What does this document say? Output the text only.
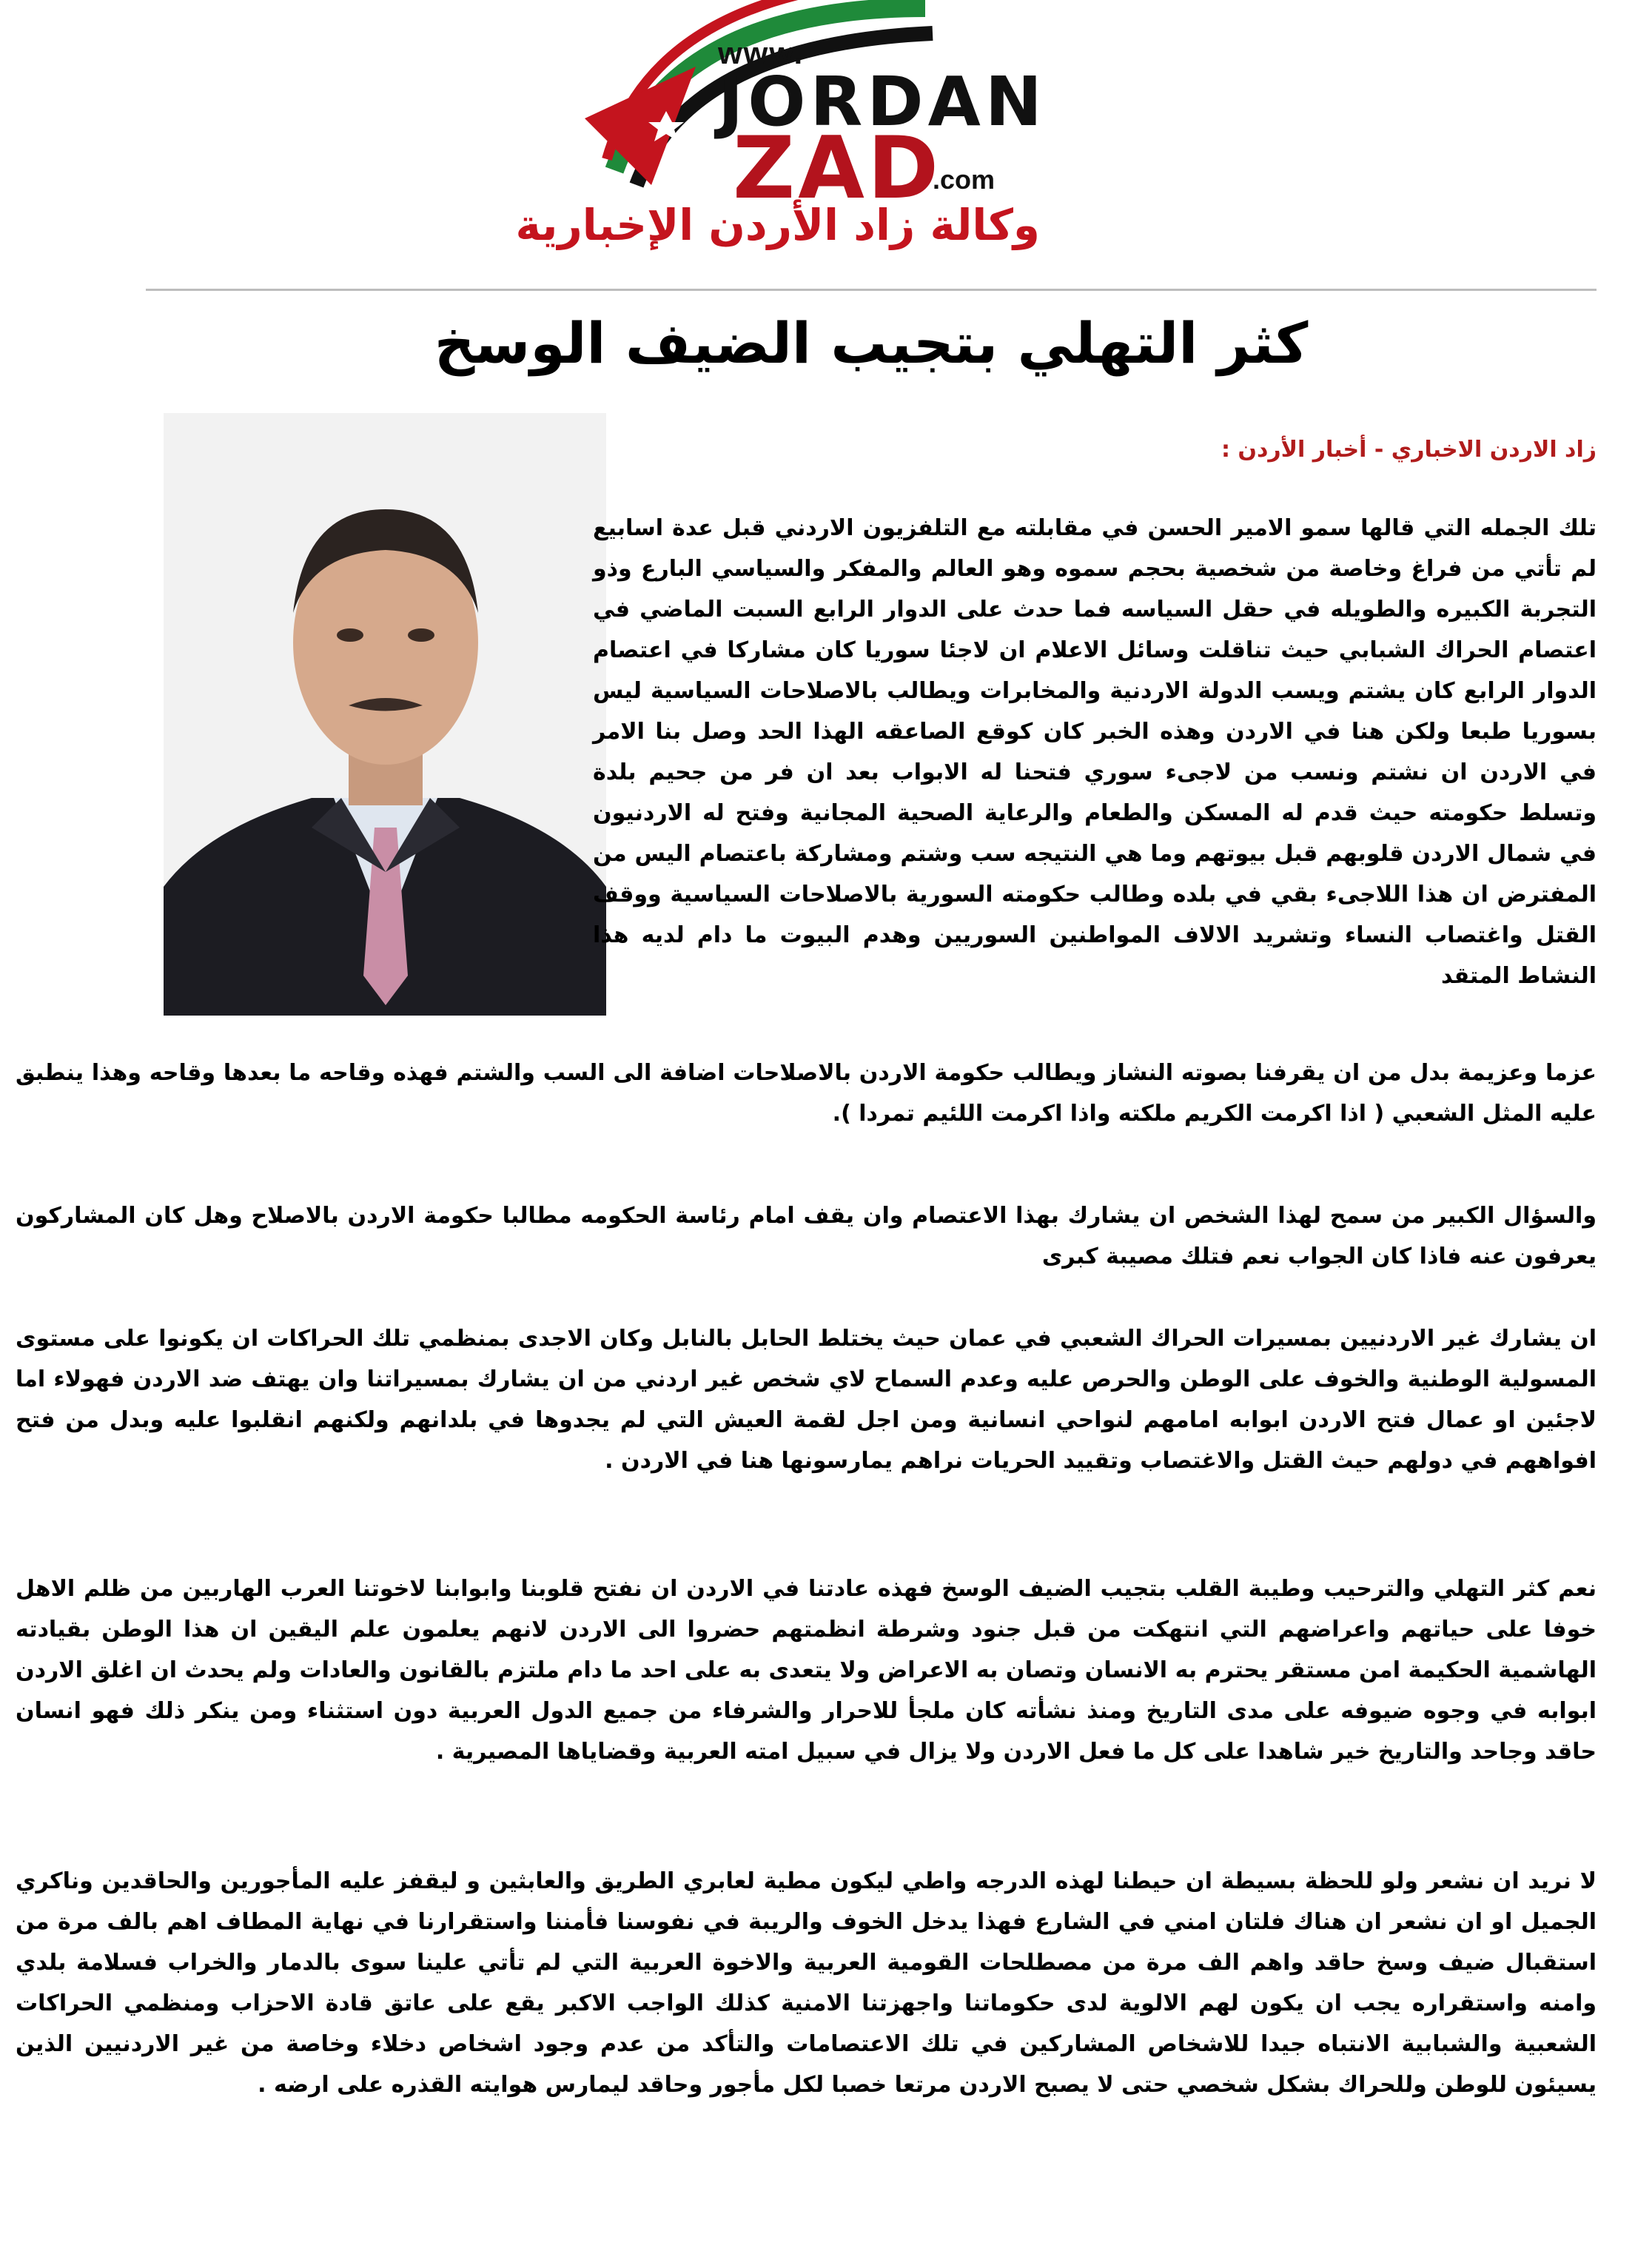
www.
JORDAN
ZAD
.com
وكالة زاد الأردن الإخبارية
كثر التهلي بتجيب الضيف الوسخ
زاد الاردن الاخباري - أخبار الأردن :

تلك الجمله التي قالها سمو الامير الحسن في مقابلته مع التلفزيون الاردني قبل عدة اسابيع لم تأتي من فراغ وخاصة من شخصية بحجم سموه وهو العالم والمفكر والسياسي البارع وذو التجربة الكبيره والطويله في حقل السياسه فما حدث على الدوار الرابع السبت الماضي في اعتصام الحراك الشبابي حيث تناقلت وسائل الاعلام ان لاجئا سوريا كان مشاركا في اعتصام الدوار الرابع كان يشتم ويسب الدولة الاردنية والمخابرات ويطالب بالاصلاحات السياسية ليس بسوريا طبعا ولكن هنا في الاردن وهذه الخبر كان كوقع الصاعقه الهذا الحد وصل بنا الامر في الاردن ان نشتم ونسب من لاجىء سوري فتحنا له الابواب بعد ان فر من جحيم بلدة وتسلط حكومته حيث قدم له المسكن والطعام والرعاية الصحية المجانية وفتح له الاردنيون في شمال الاردن قلوبهم قبل بيوتهم وما هي النتيجه سب وشتم ومشاركة باعتصام اليس من المفترض ان هذا اللاجىء بقي في بلده وطالب حكومته السورية بالاصلاحات السياسية ووقف القتل واغتصاب النساء وتشريد الالاف المواطنين السوريين وهدم البيوت ما دام لديه هذا النشاط المتقد

عزما وعزيمة بدل من ان يقرفنا بصوته النشاز ويطالب حكومة الاردن بالاصلاحات اضافة الى السب والشتم فهذه وقاحه ما بعدها وقاحه وهذا ينطبق عليه المثل الشعبي ( اذا اكرمت الكريم ملكته واذا اكرمت اللئيم تمردا ).

والسؤال الكبير من سمح لهذا الشخص ان يشارك بهذا الاعتصام وان يقف امام رئاسة الحكومه مطالبا حكومة الاردن بالاصلاح وهل كان المشاركون يعرفون عنه فاذا كان الجواب نعم فتلك مصيبة كبرى

ان يشارك غير الاردنيين بمسيرات الحراك الشعبي في عمان حيث يختلط الحابل بالنابل وكان الاجدى بمنظمي تلك الحراكات ان يكونوا على مستوى المسولية الوطنية والخوف على الوطن والحرص عليه وعدم السماح لاي شخص غير اردني من ان يشارك بمسيراتنا وان يهتف ضد الاردن فهولاء اما لاجئين او عمال فتح الاردن ابوابه امامهم لنواحي انسانية ومن اجل لقمة العيش التي لم يجدوها في بلدانهم ولكنهم انقلبوا عليه وبدل من فتح افواههم في دولهم حيث القتل والاغتصاب وتقييد الحريات نراهم يمارسونها هنا في الاردن .

نعم كثر التهلي والترحيب وطيبة القلب بتجيب الضيف الوسخ فهذه عادتنا في الاردن ان نفتح قلوبنا وابوابنا لاخوتنا العرب الهاربين من ظلم الاهل خوفا على حياتهم واعراضهم التي انتهكت من قبل جنود وشرطة انظمتهم حضروا الى الاردن لانهم يعلمون علم اليقين ان هذا الوطن بقيادته الهاشمية الحكيمة امن مستقر يحترم به الانسان وتصان به الاعراض ولا يتعدى به على احد ما دام ملتزم بالقانون والعادات ولم يحدث ان اغلق الاردن ابوابه في وجوه ضيوفه على مدى التاريخ ومنذ نشأته كان ملجأ للاحرار والشرفاء من جميع الدول العربية دون استثناء ومن ينكر ذلك فهو انسان حاقد وجاحد والتاريخ خير شاهدا على كل ما فعل الاردن ولا يزال في سبيل امته العربية وقضاياها المصيرية .

لا نريد ان نشعر ولو للحظة بسيطة ان حيطنا لهذه الدرجه واطي ليكون مطية لعابري الطريق والعابثين و ليقفز عليه المأجورين والحاقدين وناكري الجميل او ان نشعر ان هناك فلتان امني في الشارع فهذا يدخل الخوف والريبة في نفوسنا فأمننا واستقرارنا في نهاية المطاف اهم بالف مرة من استقبال ضيف وسخ حاقد واهم الف مرة من مصطلحات القومية العربية والاخوة العربية التي لم تأتي علينا سوى بالدمار والخراب فسلامة بلدي وامنه واستقراره يجب ان يكون لهم الالوية لدى حكوماتنا واجهزتنا الامنية كذلك الواجب الاكبر يقع على عاتق قادة الاحزاب ومنظمي الحراكات الشعبية والشبابية الانتباه جيدا للاشخاص المشاركين في تلك الاعتصامات والتأكد من عدم وجود اشخاص دخلاء وخاصة من غير الاردنيين الذين يسيئون للوطن وللحراك بشكل شخصي حتى لا يصبح الاردن مرتعا خصبا لكل مأجور وحاقد ليمارس هوايته القذره على ارضه .
